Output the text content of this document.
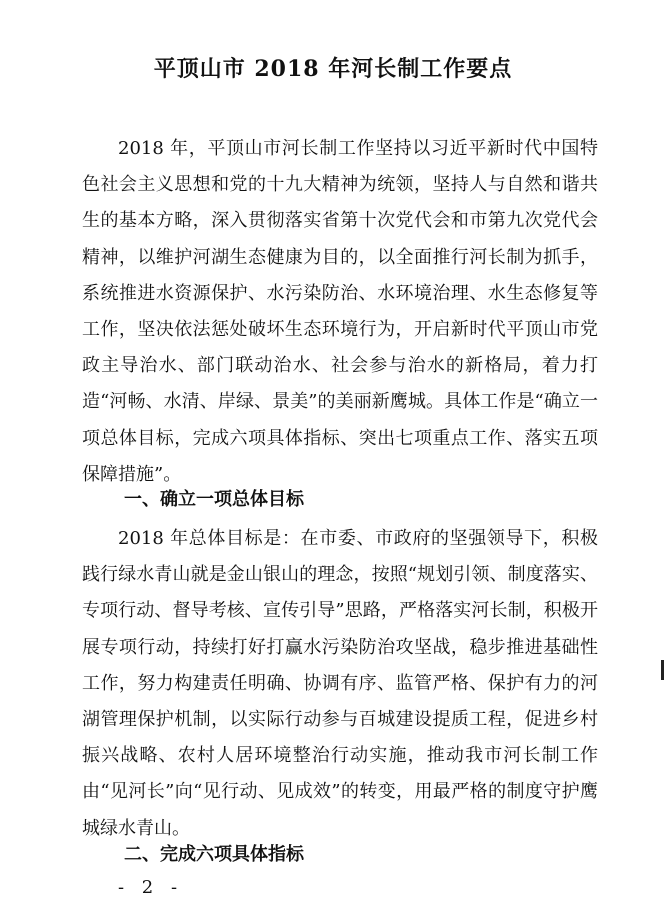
平顶山市 2018 年河长制工作要点

2018 年，平顶山市河长制工作坚持以习近平新时代中国特色社会主义思想和党的十九大精神为统领，坚持人与自然和谐共生的基本方略，深入贯彻落实省第十次党代会和市第九次党代会精神，以维护河湖生态健康为目的，以全面推行河长制为抓手，系统推进水资源保护、水污染防治、水环境治理、水生态修复等工作，坚决依法惩处破坏生态环境行为，开启新时代平顶山市党政主导治水、部门联动治水、社会参与治水的新格局，着力打造“河畅、水清、岸绿、景美”的美丽新鹰城。具体工作是“确立一项总体目标，完成六项具体指标、突出七项重点工作、落实五项保障措施”。

一、确立一项总体目标

2018 年总体目标是：在市委、市政府的坚强领导下，积极践行绿水青山就是金山银山的理念，按照“规划引领、制度落实、专项行动、督导考核、宣传引导”思路，严格落实河长制，积极开展专项行动，持续打好打赢水污染防治攻坚战，稳步推进基础性工作，努力构建责任明确、协调有序、监管严格、保护有力的河湖管理保护机制，以实际行动参与百城建设提质工程，促进乡村振兴战略、农村人居环境整治行动实施，推动我市河长制工作由“见河长”向“见行动、见成效”的转变，用最严格的制度守护鹰城绿水青山。

二、完成六项具体指标
- 2 -
